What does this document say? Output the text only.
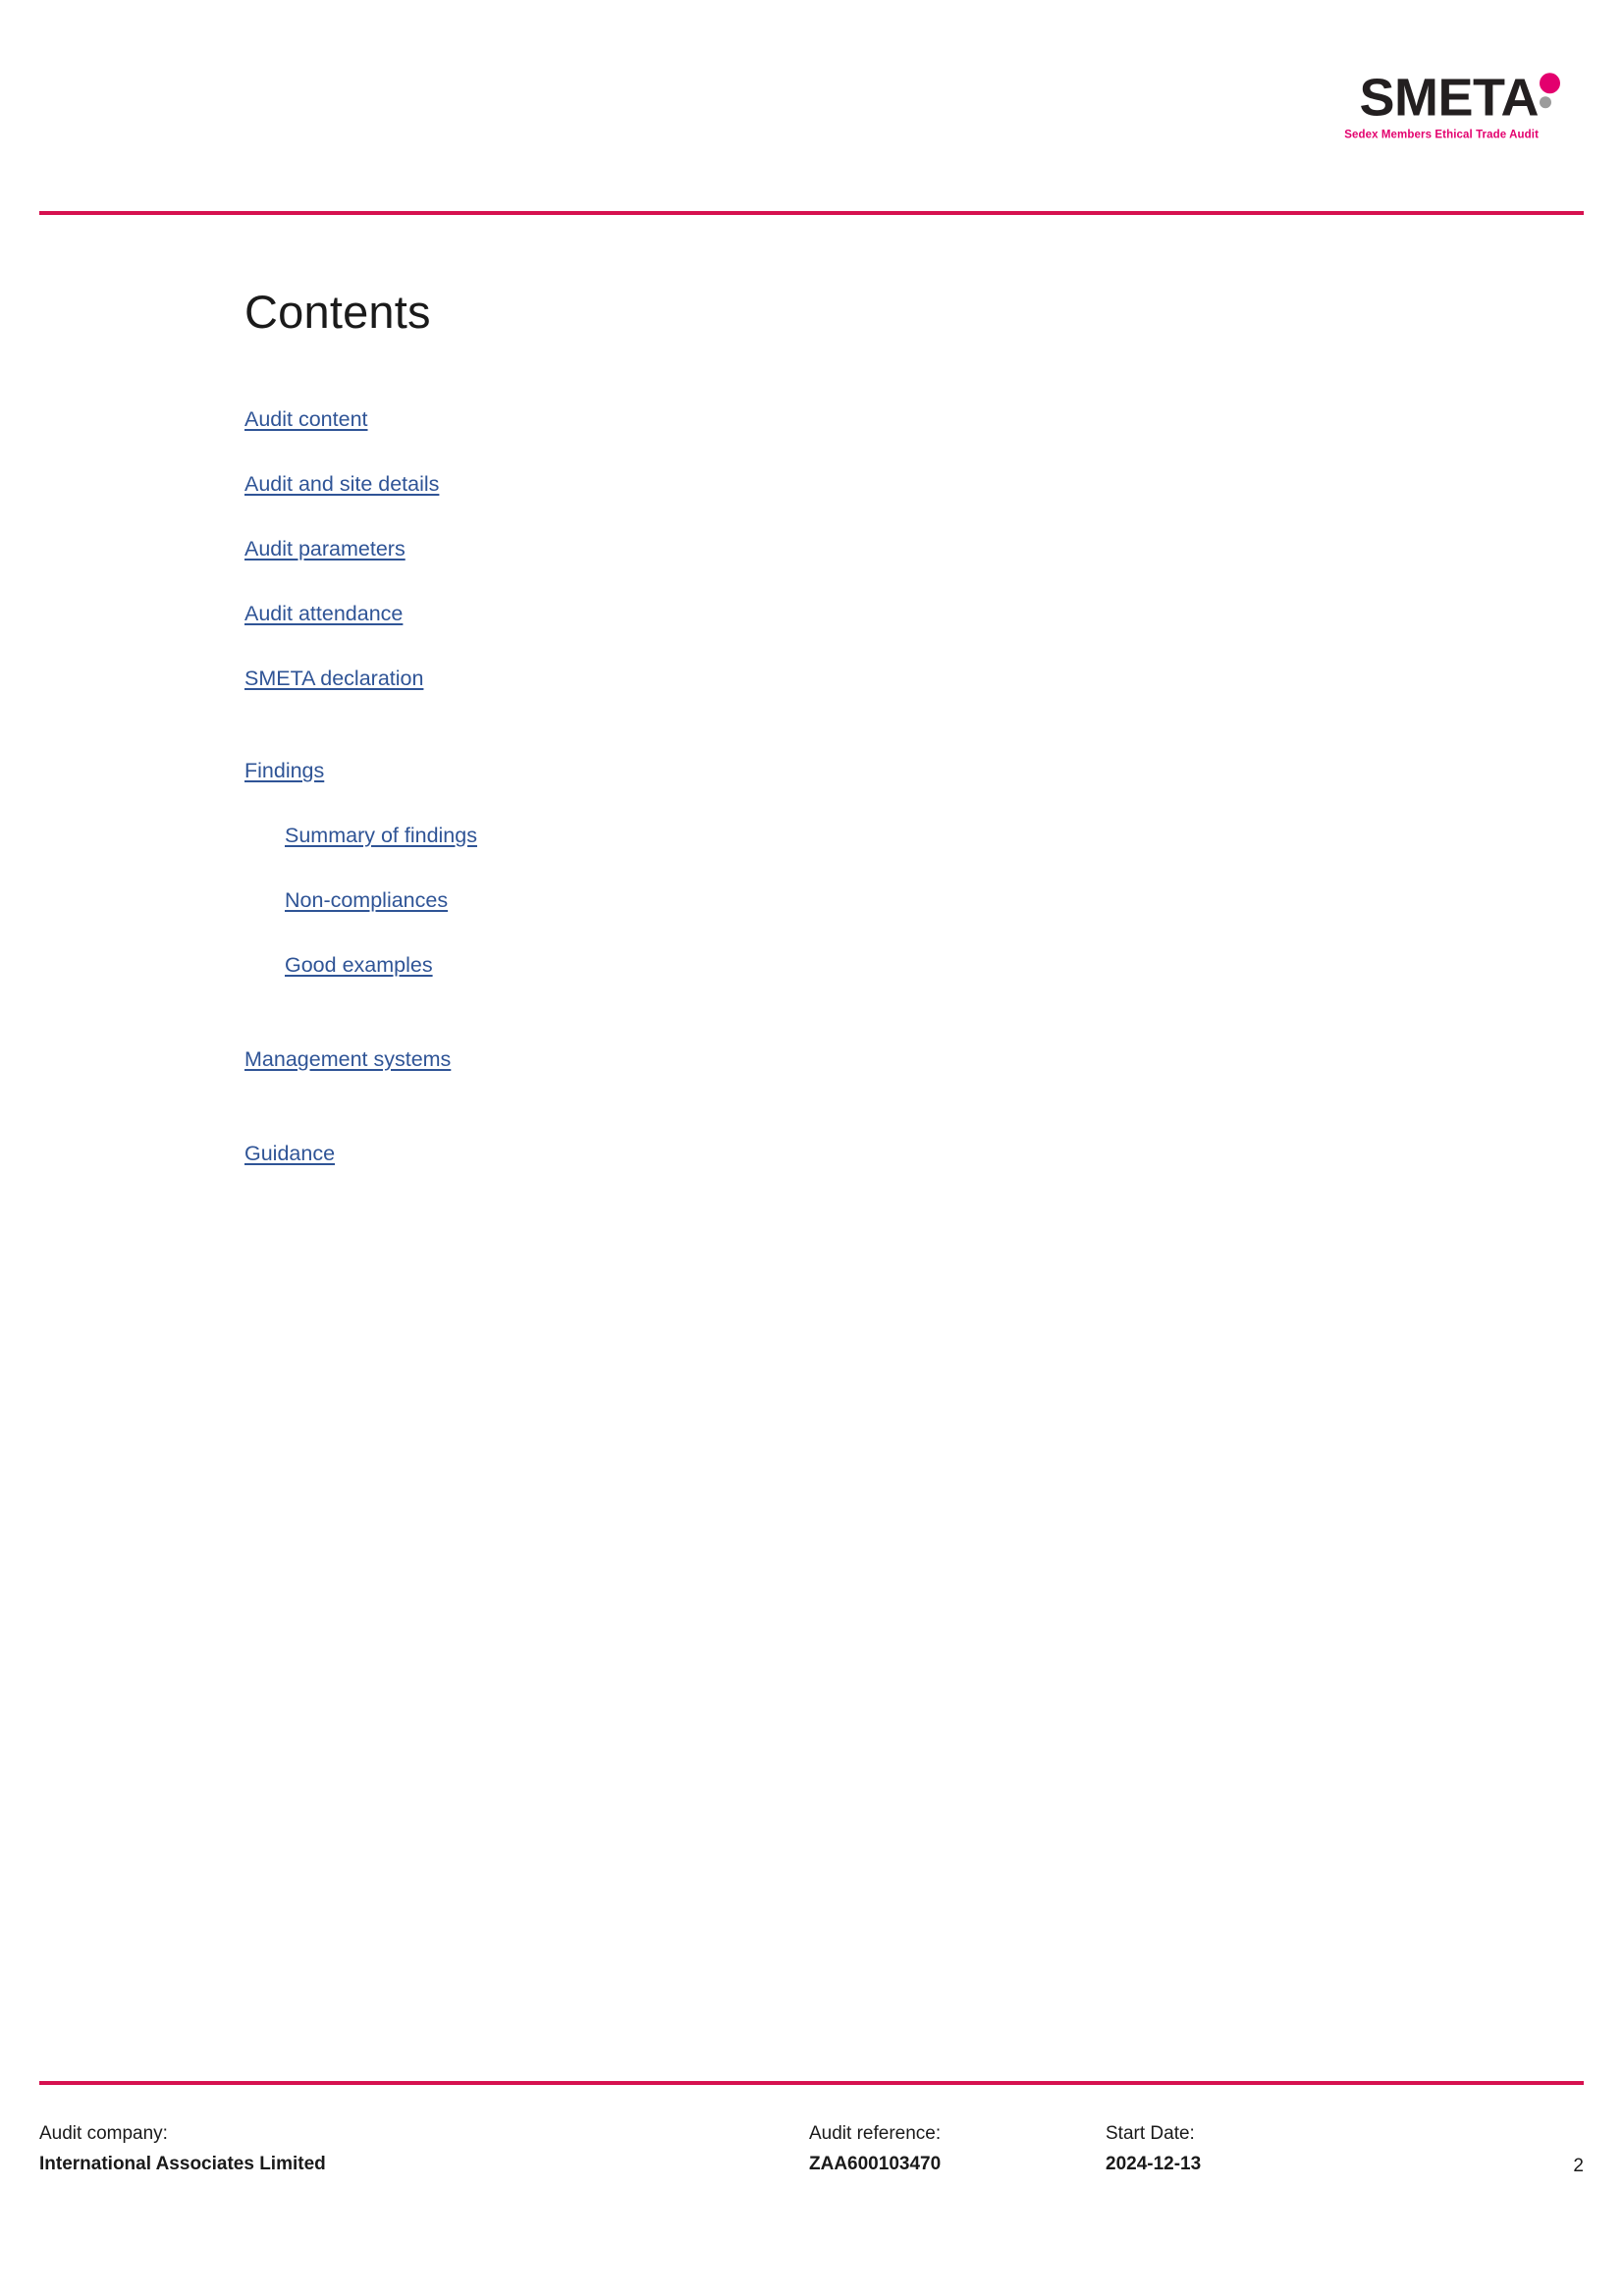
SMETA
Sedex Members Ethical Trade Audit
Contents
Audit content
Audit and site details
Audit parameters
Audit attendance
SMETA declaration
Findings
Summary of findings
Non-compliances
Good examples
Management systems
Guidance
Audit company:
International Associates Limited
Audit reference:
ZAA600103470
Start Date:
2024-12-13	2
